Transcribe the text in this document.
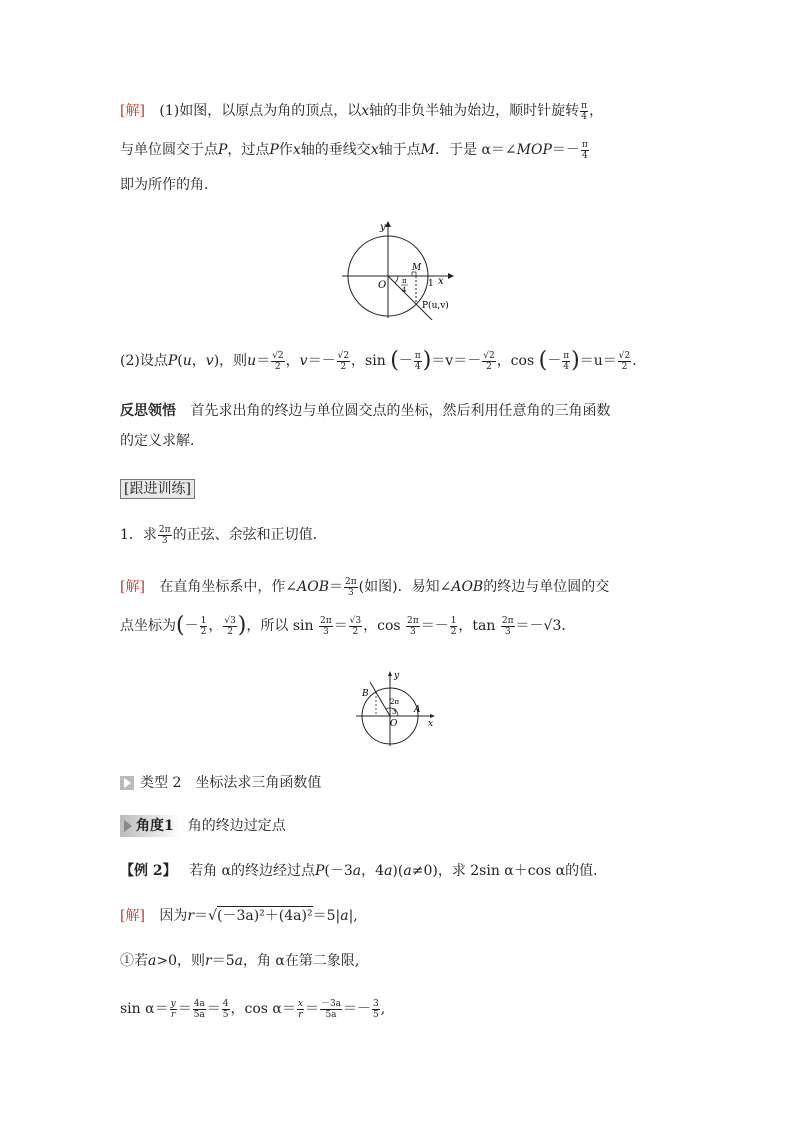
[解] (1)如图，以原点为角的顶点，以x轴的非负半轴为始边，顺时针旋转 $\frac{\pi}{4}$ ，
与单位圆交于点P，过点P作x轴的垂线交x轴于点M．于是 α＝∠MOP＝－ $\frac{\pi}{4}$
即为所作的角．
y
x
O
M
1
π
4
P(u,v)
(2)设点P(u，v)，则$u= \frac{√2}{2}$ ，$v=- \frac{√2}{2}$ ，sin (－ $\frac{\pi}{4} )=v=- \frac{√2}{2}$ ，cos (－ $\frac{\pi}{4} )=u= \frac{√2}{2}$ ．
反思领悟 首先求出角的终边与单位圆交点的坐标，然后利用任意角的三角函数
的定义求解．
[跟进训练]
1．求 $\frac{2\pi}{3}$ 的正弦、余弦和正切值．
[解] 在直角坐标系中，作∠AOB＝ $\frac{2\pi}{3}$ (如图)．易知∠AOB的终边与单位圆的交
点坐标为(－ $\frac{1}{2}$ ， $\frac{√3}{2}$ )，所以 $\sin \frac{2\pi}{3} = \frac{√3}{2}$ ，$\cos \frac{2\pi}{3} =- \frac{1}{2}$ ，$\tan \frac{2\pi}{3} =-√3$．
y
x
O
A
B
2π
3
类型 2 坐标法求三角函数值
角度1 角的终边过定点
【例 2】 若角 α的终边经过点P(－3a，4a)(a≠0)，求 2sin α＋cos α的值．
[解] 因为r＝√(－3a)²＋(4a)²＝5|a|,
①若a>0，则r＝5a，角 α在第二象限,
$\sin \alpha= \frac{y}{r} = \frac{4a}{5a} = \frac{4}{5}$ ，$\cos \alpha= \frac{x}{r} = \frac{-3a}{5a} =- \frac{3}{5}$ ,
